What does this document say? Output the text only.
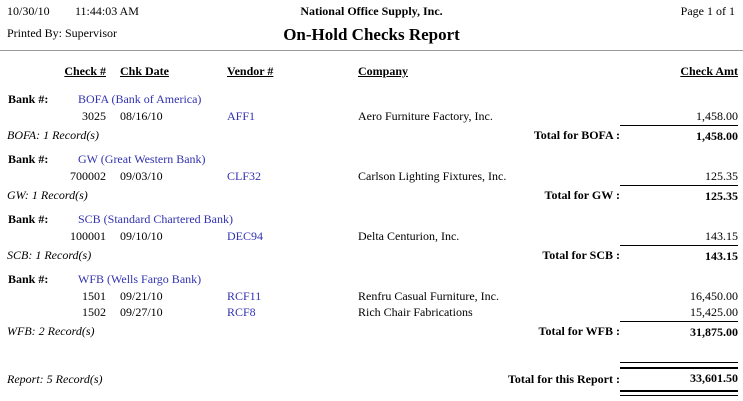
10/30/10 11:44:03 AM	National Office Supply, Inc.	Page 1 of 1
Printed By: Supervisor	On-Hold Checks Report
Check # Chk Date	Vendor #	Company	Check Amt
Bank #: BOFA (Bank of America)
3025 08/16/10	AFF1	Aero Furniture Factory, Inc.	1,458.00
BOFA: 1 Record(s)	Total for BOFA :	1,458.00
Bank #: GW (Great Western Bank)
700002 09/03/10	CLF32	Carlson Lighting Fixtures, Inc.	125.35
GW: 1 Record(s)	Total for GW :	125.35
Bank #: SCB (Standard Chartered Bank)
100001 09/10/10	DEC94	Delta Centurion, Inc.	143.15
SCB: 1 Record(s)	Total for SCB :	143.15
Bank #: WFB (Wells Fargo Bank)
1501 09/21/10	RCF11	Renfru Casual Furniture, Inc.	16,450.00
1502 09/27/10	RCF8	Rich Chair Fabrications	15,425.00
WFB: 2 Record(s)	Total for WFB :	31,875.00
Report: 5 Record(s)	Total for this Report :	33,601.50
